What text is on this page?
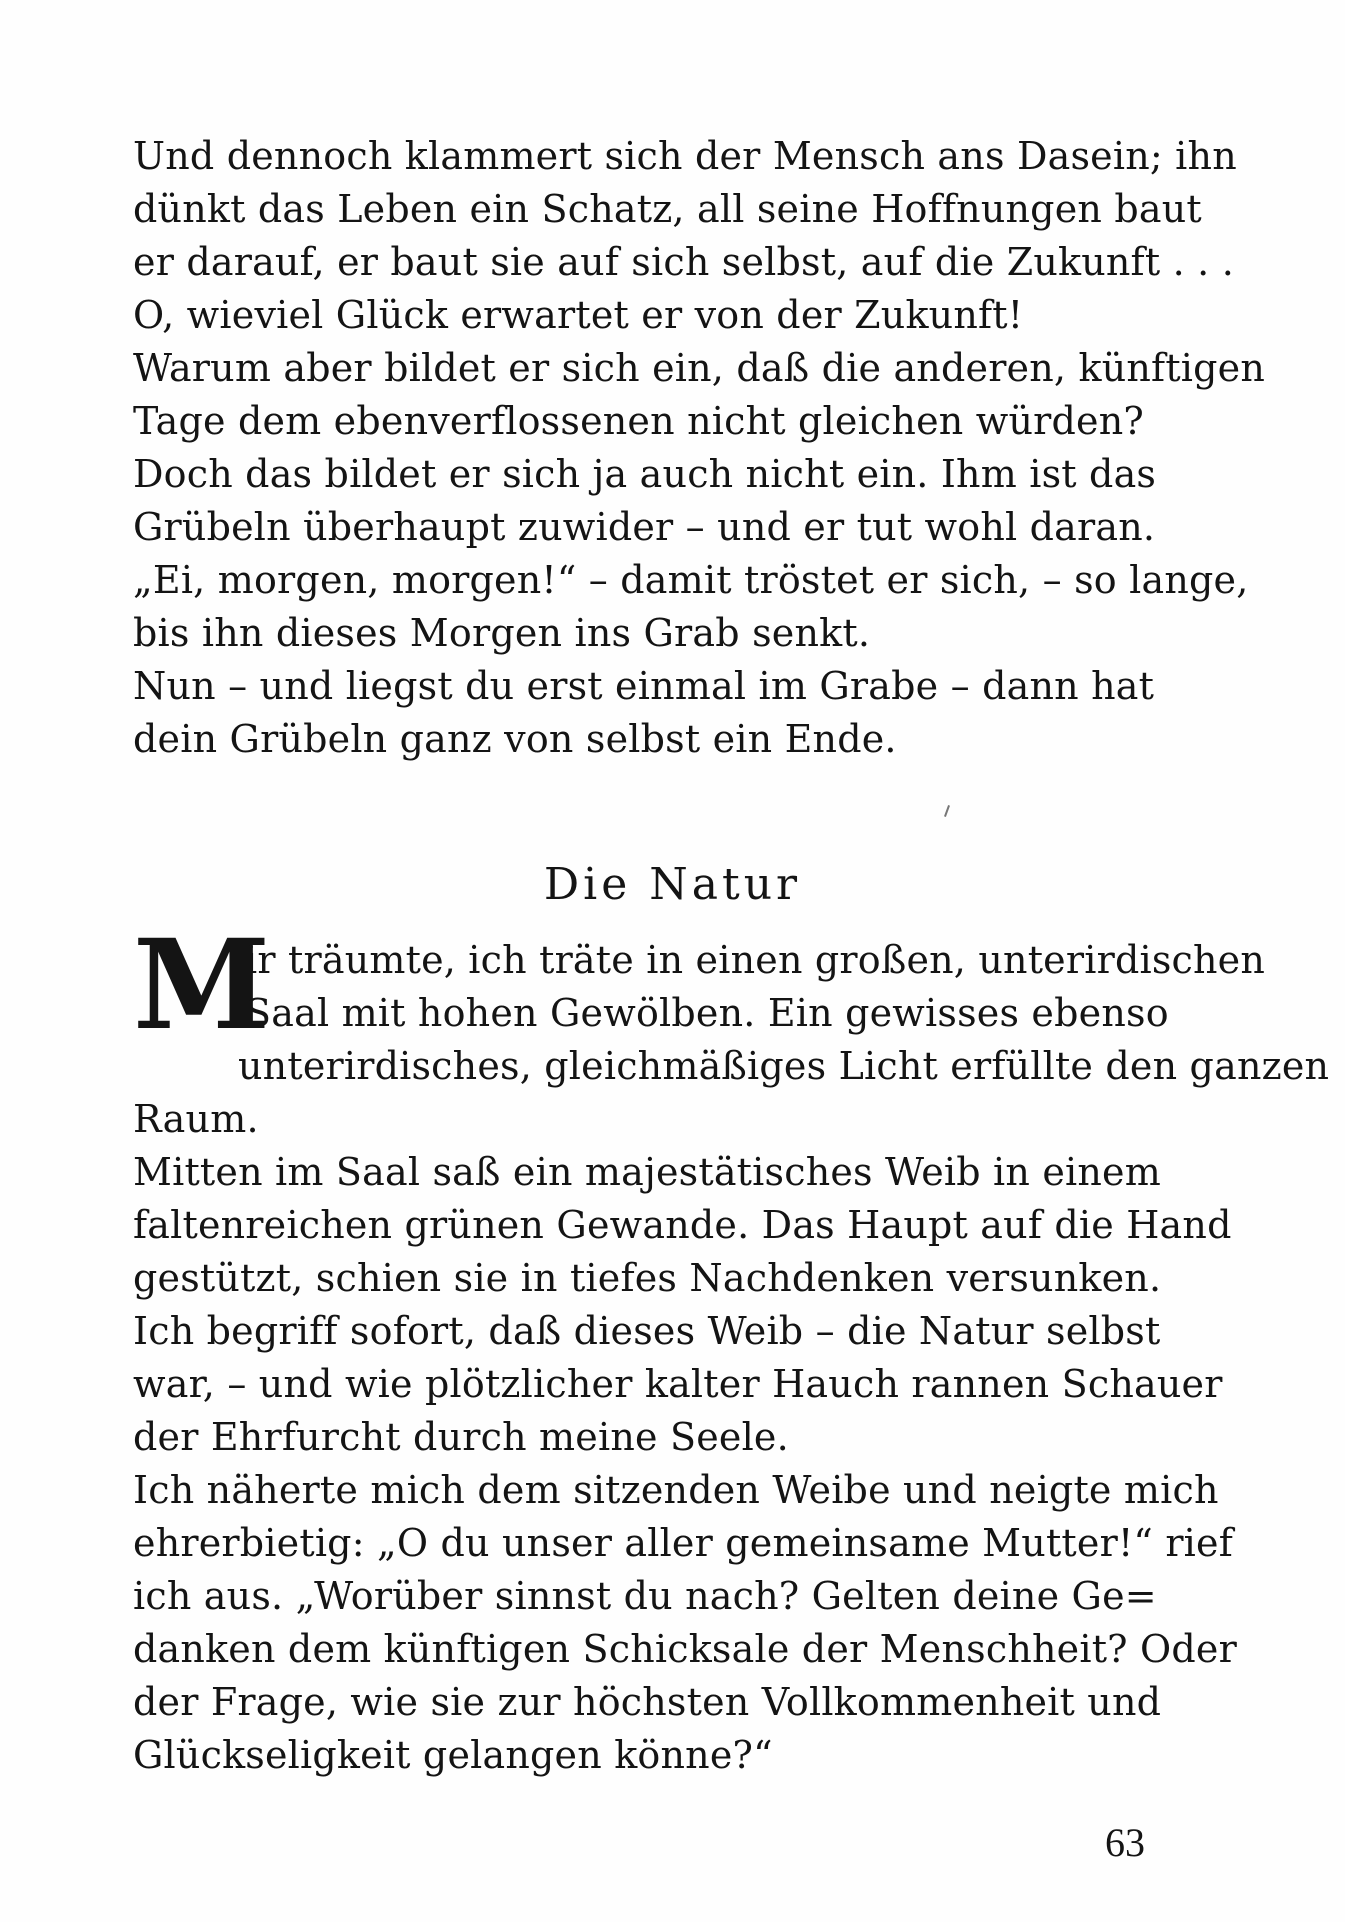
Und dennoch klammert sich der Mensch ans Dasein; ihn
dünkt das Leben ein Schatz, all seine Hoffnungen baut
er darauf, er baut sie auf sich selbst, auf die Zukunft . . .
O, wieviel Glück erwartet er von der Zukunft!
Warum aber bildet er sich ein, daß die anderen, künftigen
Tage dem ebenverflossenen nicht gleichen würden?
Doch das bildet er sich ja auch nicht ein. Ihm ist das
Grübeln überhaupt zuwider – und er tut wohl daran.
„Ei, morgen, morgen!“ – damit tröstet er sich, – so lange,
bis ihn dieses Morgen ins Grab senkt.
Nun – und liegst du erst einmal im Grabe – dann hat
dein Grübeln ganz von selbst ein Ende.
Die Natur
M
ir träumte, ich träte in einen großen, unterirdischen
Saal mit hohen Gewölben. Ein gewisses ebenso
unterirdisches, gleichmäßiges Licht erfüllte den ganzen
Raum.
Mitten im Saal saß ein majestätisches Weib in einem
faltenreichen grünen Gewande. Das Haupt auf die Hand
gestützt, schien sie in tiefes Nachdenken versunken.
Ich begriff sofort, daß dieses Weib – die Natur selbst
war, – und wie plötzlicher kalter Hauch rannen Schauer
der Ehrfurcht durch meine Seele.
Ich näherte mich dem sitzenden Weibe und neigte mich
ehrerbietig: „O du unser aller gemeinsame Mutter!“ rief
ich aus. „Worüber sinnst du nach? Gelten deine Ge=
danken dem künftigen Schicksale der Menschheit? Oder
der Frage, wie sie zur höchsten Vollkommenheit und
Glückseligkeit gelangen könne?“
63
